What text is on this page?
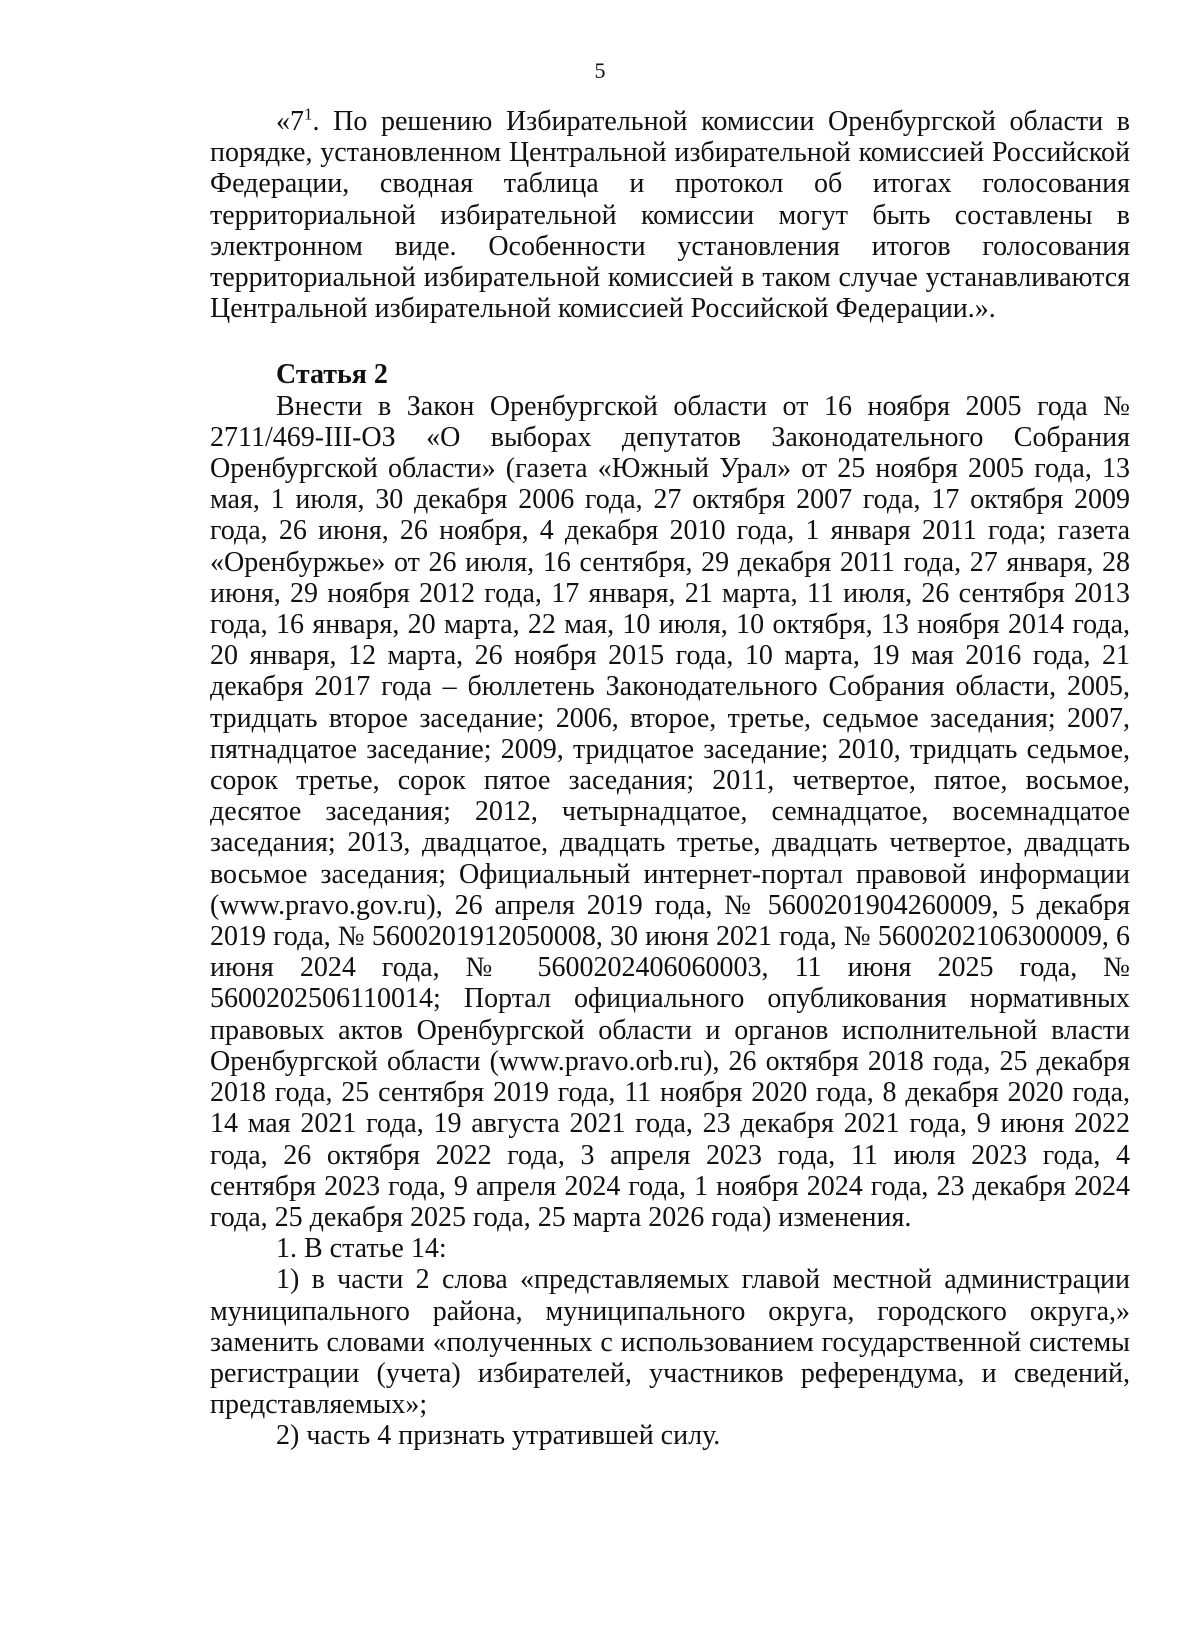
5

«$7^1$. По решению Избирательной комиссии Оренбургской области в порядке, установленном Центральной избирательной комиссией Российской Федерации, сводная таблица и протокол об итогах голосования территориальной избирательной комиссии могут быть составлены в электронном виде. Особенности установления итогов голосования территориальной избирательной комиссией в таком случае устанавливаются Центральной избирательной комиссией Российской Федерации.».

Статья 2

Внести в Закон Оренбургской области от 16 ноября 2005 года № 2711/469-III-ОЗ «О выборах депутатов Законодательного Собрания Оренбургской области» (газета «Южный Урал» от 25 ноября 2005 года, 13 мая, 1 июля, 30 декабря 2006 года, 27 октября 2007 года, 17 октября 2009 года, 26 июня, 26 ноября, 4 декабря 2010 года, 1 января 2011 года; газета «Оренбуржье» от 26 июля, 16 сентября, 29 декабря 2011 года, 27 января, 28 июня, 29 ноября 2012 года, 17 января, 21 марта, 11 июля, 26 сентября 2013 года, 16 января, 20 марта, 22 мая, 10 июля, 10 октября, 13 ноября 2014 года, 20 января, 12 марта, 26 ноября 2015 года, 10 марта, 19 мая 2016 года, 21 декабря 2017 года – бюллетень Законодательного Собрания области, 2005, тридцать второе заседание; 2006, второе, третье, седьмое заседания; 2007, пятнадцатое заседание; 2009, тридцатое заседание; 2010, тридцать седьмое, сорок третье, сорок пятое заседания; 2011, четвертое, пятое, восьмое, десятое заседания; 2012, четырнадцатое, семнадцатое, восемнадцатое заседания; 2013, двадцатое, двадцать третье, двадцать четвертое, двадцать восьмое заседания; Официальный интернет-портал правовой информации (www.pravo.gov.ru), 26 апреля 2019 года, № 5600201904260009, 5 декабря 2019 года, № 5600201912050008, 30 июня 2021 года, № 5600202106300009, 6 июня 2024 года, № 5600202406060003, 11 июня 2025 года, № 5600202506110014; Портал официального опубликования нормативных правовых актов Оренбургской области и органов исполнительной власти Оренбургской области (www.pravo.orb.ru), 26 октября 2018 года, 25 декабря 2018 года, 25 сентября 2019 года, 11 ноября 2020 года, 8 декабря 2020 года, 14 мая 2021 года, 19 августа 2021 года, 23 декабря 2021 года, 9 июня 2022 года, 26 октября 2022 года, 3 апреля 2023 года, 11 июля 2023 года, 4 сентября 2023 года, 9 апреля 2024 года, 1 ноября 2024 года, 23 декабря 2024 года, 25 декабря 2025 года, 25 марта 2026 года) изменения.

1. В статье 14:

1) в части 2 слова «представляемых главой местной администрации муниципального района, муниципального округа, городского округа,» заменить словами «полученных с использованием государственной системы регистрации (учета) избирателей, участников референдума, и сведений, представляемых»;

2) часть 4 признать утратившей силу.
